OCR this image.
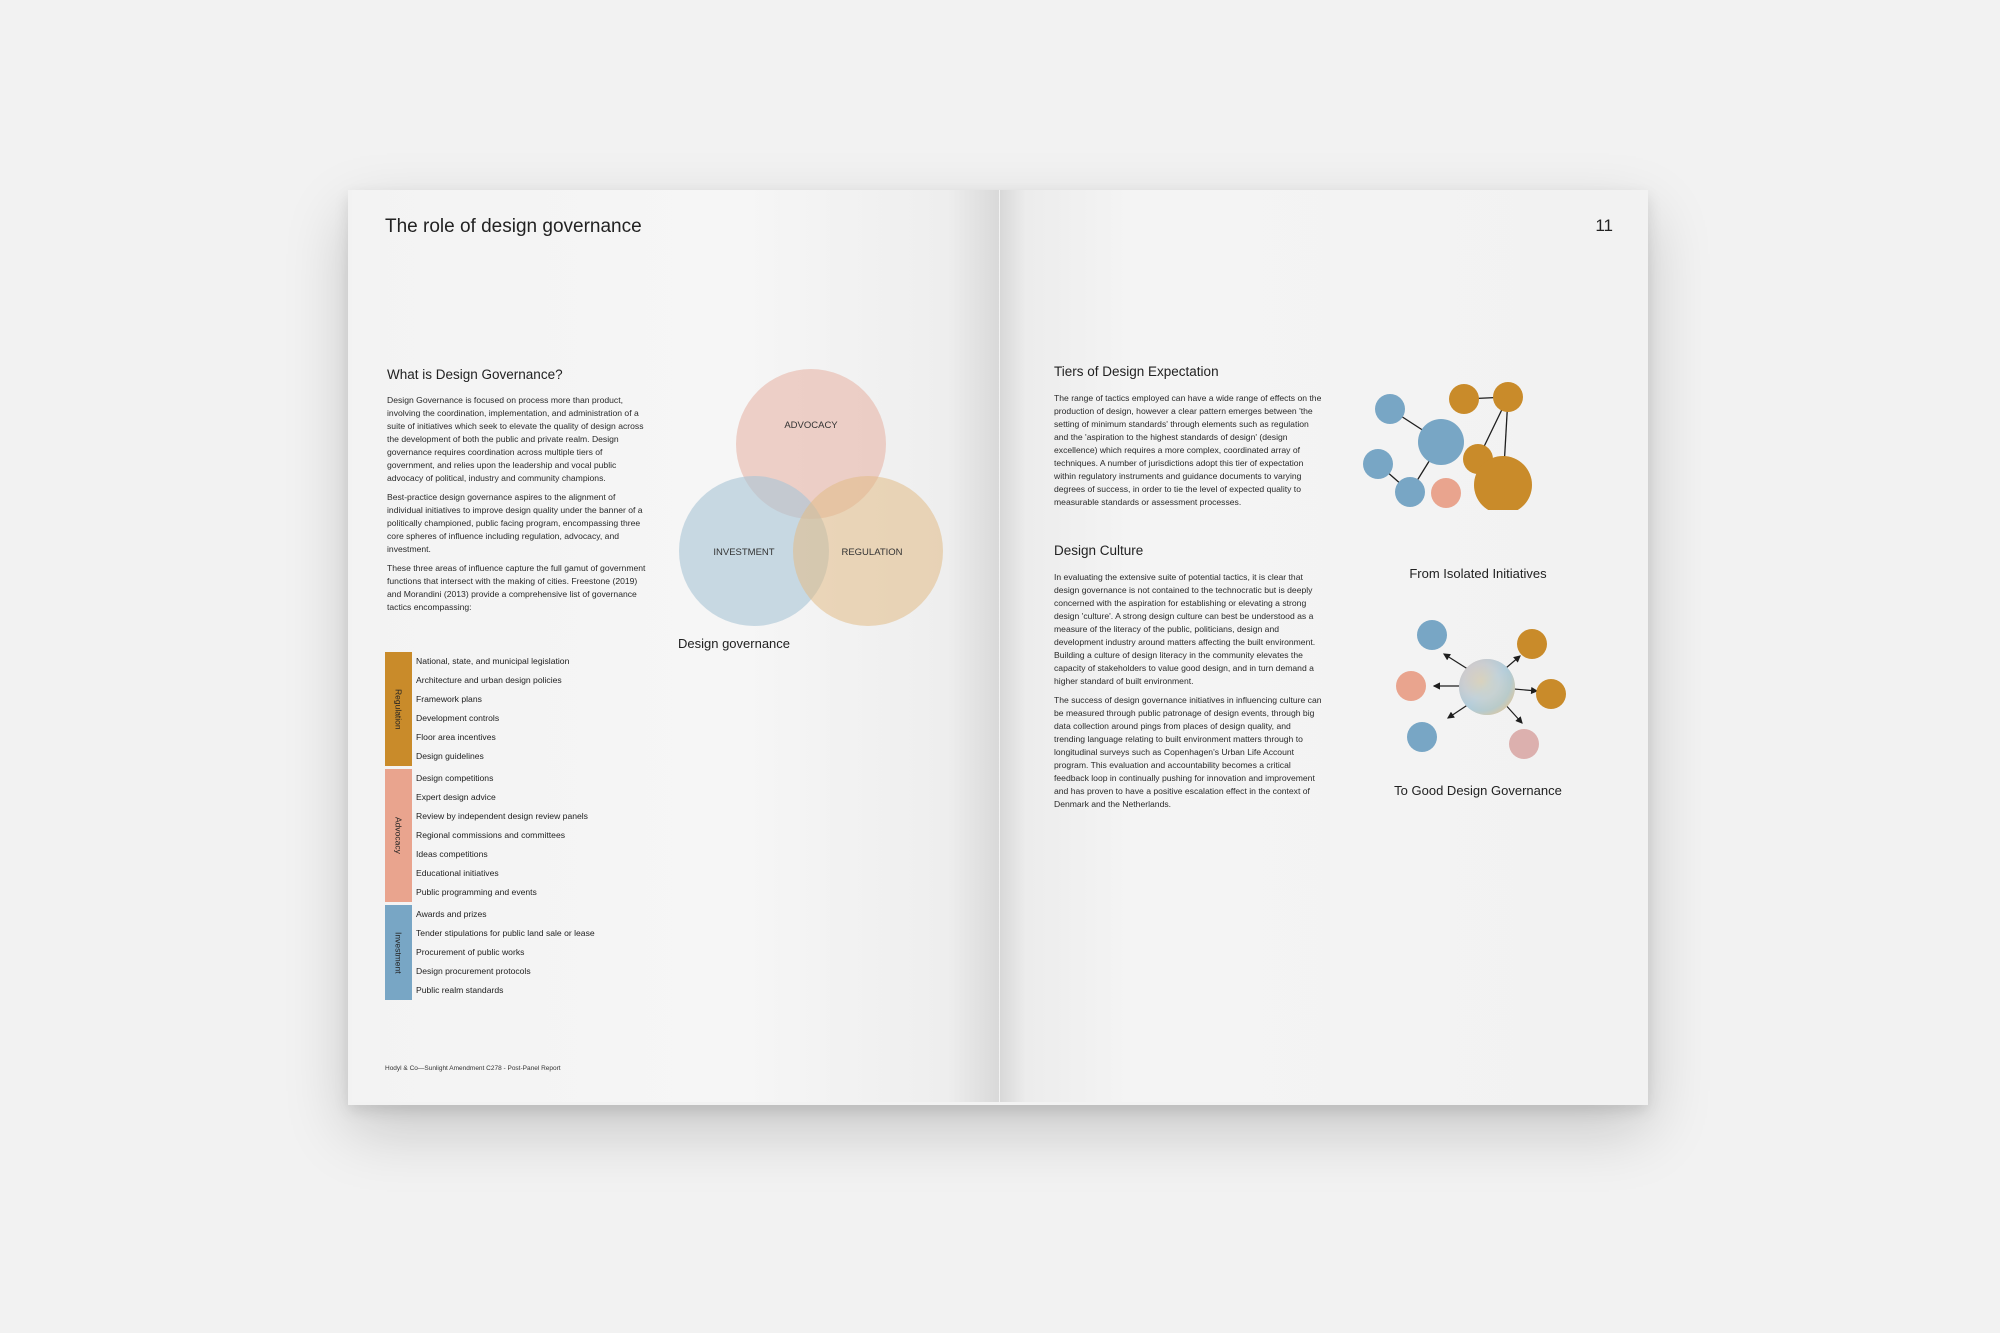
The role of design governance
What is Design Governance?

Design Governance is focused on process more than product, involving the coordination, implementation, and administration of a suite of initiatives which seek to elevate the quality of design across the development of both the public and private realm. Design governance requires coordination across multiple tiers of government, and relies upon the leadership and vocal public advocacy of political, industry and community champions.

Best-practice design governance aspires to the alignment of individual initiatives to improve design quality under the banner of a politically championed, public facing program, encompassing three core spheres of influence including regulation, advocacy, and investment.

These three areas of influence capture the full gamut of government functions that intersect with the making of cities. Freestone (2019) and Morandini (2013) provide a comprehensive list of governance tactics encompassing:

Regulation
National, state, and municipal legislation
Architecture and urban design policies
Framework plans
Development controls
Floor area incentives
Design guidelines
Advocacy
Design competitions
Expert design advice
Review by independent design review panels
Regional commissions and committees
Ideas competitions
Educational initiatives
Public programming and events
Investment
Awards and prizes
Tender stipulations for public land sale or lease
Procurement of public works
Design procurement protocols
Public realm standards
ADVOCACY
INVESTMENT	REGULATION
Design governance
Hodyl & Co—Sunlight Amendment C278 - Post-Panel Report
11
Tiers of Design Expectation

The range of tactics employed can have a wide range of effects on the production of design, however a clear pattern emerges between 'the setting of minimum standards' through elements such as regulation and the 'aspiration to the highest standards of design' (design excellence) which requires a more complex, coordinated array of techniques. A number of jurisdictions adopt this tier of expectation within regulatory instruments and guidance documents to varying degrees of success, in order to tie the level of expected quality to measurable standards or assessment processes.

Design Culture

In evaluating the extensive suite of potential tactics, it is clear that design governance is not contained to the technocratic but is deeply concerned with the aspiration for establishing or elevating a strong design 'culture'. A strong design culture can best be understood as a measure of the literacy of the public, politicians, design and development industry around matters affecting the built environment. Building a culture of design literacy in the community elevates the capacity of stakeholders to value good design, and in turn demand a higher standard of built environment.

The success of design governance initiatives in influencing culture can be measured through public patronage of design events, through big data collection around pings from places of design quality, and trending language relating to built environment matters through to longitudinal surveys such as Copenhagen's Urban Life Account program. This evaluation and accountability becomes a critical feedback loop in continually pushing for innovation and improvement and has proven to have a positive escalation effect in the context of Denmark and the Netherlands.

From Isolated Initiatives
To Good Design Governance
